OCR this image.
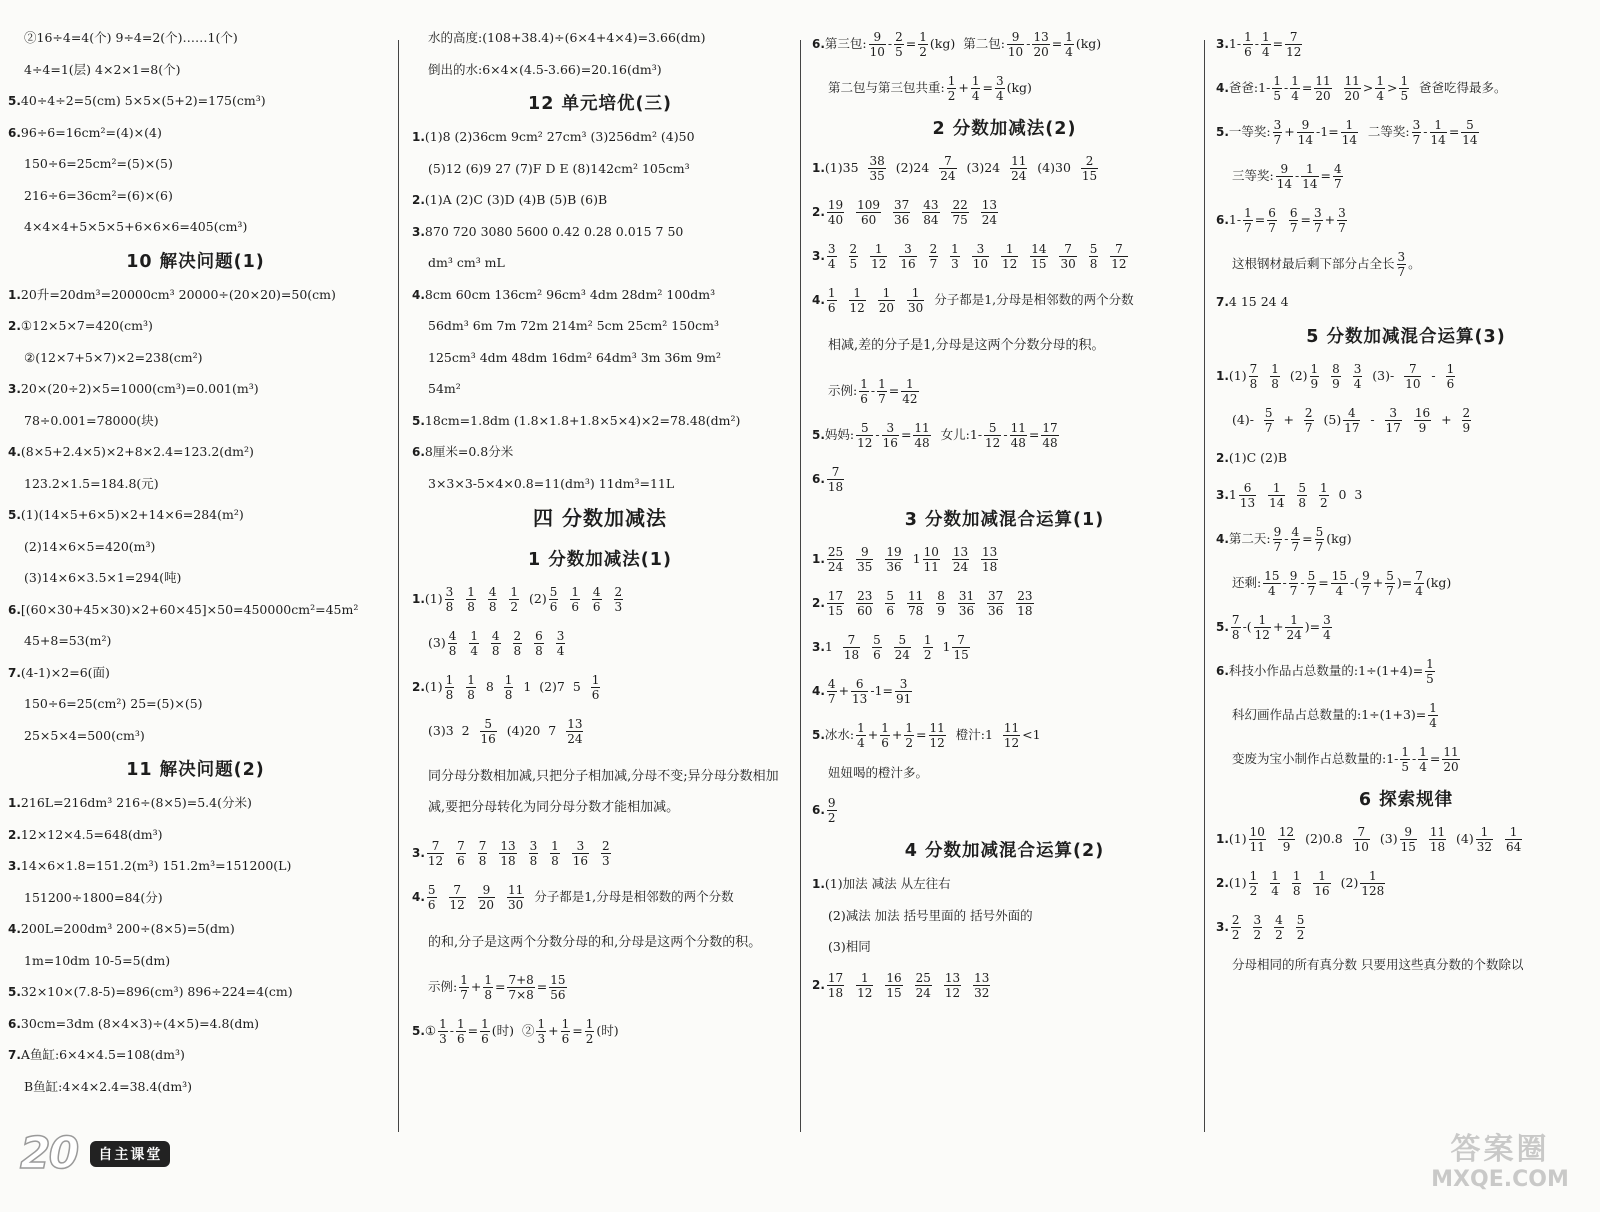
②16÷4=4(个) 9÷4=2(个)……1(个)
4÷4=1(层) 4×2×1=8(个)
5.40÷4÷2=5(cm) 5×5×(5+2)=175(cm³)
6.96÷6=16cm²=(4)×(4)
150÷6=25cm²=(5)×(5)
216÷6=36cm²=(6)×(6)
4×4×4+5×5×5+6×6×6=405(cm³)
10 解决问题(1)
1.20升=20dm³=20000cm³ 20000÷(20×20)=50(cm)
2.①12×5×7=420(cm³)
②(12×7+5×7)×2=238(cm²)
3.20×(20÷2)×5=1000(cm³)=0.001(m³)
78÷0.001=78000(块)
4.(8×5+2.4×5)×2+8×2.4=123.2(dm²)
123.2×1.5=184.8(元)
5.(1)(14×5+6×5)×2+14×6=284(m²)
(2)14×6×5=420(m³)
(3)14×6×3.5×1=294(吨)
6.[(60×30+45×30)×2+60×45]×50=450000cm²=45m²
45+8=53(m²)
7.(4-1)×2=6(面)
150÷6=25(cm²) 25=(5)×(5)
25×5×4=500(cm³)
11 解决问题(2)
1.216L=216dm³ 216÷(8×5)=5.4(分米)
2.12×12×4.5=648(dm³)
3.14×6×1.8=151.2(m³) 151.2m³=151200(L)
151200÷1800=84(分)
4.200L=200dm³ 200÷(8×5)=5(dm)
1m=10dm 10-5=5(dm)
5.32×10×(7.8-5)=896(cm³) 896÷224=4(cm)
6.30cm=3dm (8×4×3)÷(4×5)=4.8(dm)
7.A鱼缸:6×4×4.5=108(dm³)
B鱼缸:4×4×2.4=38.4(dm³)
水的高度:(108+38.4)÷(6×4+4×4)=3.66(dm)
倒出的水:6×4×(4.5-3.66)=20.16(dm³)
12 单元培优(三)
1.(1)8 (2)36cm 9cm² 27cm³ (3)256dm² (4)50
(5)12 (6)9 27 (7)F D E (8)142cm² 105cm³
2.(1)A (2)C (3)D (4)B (5)B (6)B
3.870 720 3080 5600 0.42 0.28 0.015 7 50
dm³ cm³ mL
4.8cm 60cm 136cm² 96cm³ 4dm 28dm² 100dm³
56dm³ 6m 7m 72m 214m² 5cm 25cm² 150cm³
125cm³ 4dm 48dm 16dm² 64dm³ 3m 36m 9m²
54m²
5.18cm=1.8dm (1.8×1.8+1.8×5×4)×2=78.48(dm²)
6.8厘米=0.8分米
3×3×3-5×4×0.8=11(dm³) 11dm³=11L
四 分数加减法
1 分数加减法(1)
$1.(1) \frac{3}{8}$
$\frac{1}{8}$
$\frac{4}{8}$
$\frac{1}{2} (2) \frac{5}{6}$
$\frac{1}{6}$
$\frac{4}{6}$
$\frac{2}{3}$
$(3) \frac{4}{8}$
$\frac{1}{4}$
$\frac{4}{8}$
$\frac{2}{8}$
$\frac{6}{8}$
$\frac{3}{4}$
$2.(1) \frac{1}{8}$
$\frac{1}{8} 8 \frac{1}{8} 1$  (2)7  $5 \frac{1}{6}$
(3)3  $2 \frac{5}{16} (4)20$  $7 \frac{13}{24}$
同分母分数相加减,只把分子相加减,分母不变;异分母分数相加减,要把分母转化为同分母分数才能相加减。
3. $\frac{7}{12}$
$\frac{7}{6}$
$\frac{7}{8}$
$\frac{13}{18}$
$\frac{3}{8}$
$\frac{1}{8}$
$\frac{3}{16}$
$\frac{2}{3}$
4. $\frac{5}{6}$
$\frac{7}{12}$
$\frac{9}{20}$
$\frac{11}{30}$ 分子都是1,分母是相邻数的两个分数
的和,分子是这两个分数分母的和,分母是这两个分数的积。
示例: $\frac{1}{7} + \frac{1}{8} = \frac{7+8}{7\times 8} = \frac{15}{56}$
5.① $\frac{1}{3} - \frac{1}{6} = \frac{1}{6}$ (时)  ② $\frac{1}{3} + \frac{1}{6} = \frac{1}{2}$ (时)
6.第三包: $\frac{9}{10} - \frac{2}{5} = \frac{1}{2} (kg)$  第二包: $\frac{9}{10} - \frac{13}{20} = \frac{1}{4} (kg)$
第二包与第三包共重: $\frac{1}{2} + \frac{1}{4} = \frac{3}{4} (kg)$
2 分数加减法(2)
$1.(1)35 \frac{38}{35} (2)24 \frac{7}{24} (3)24 \frac{11}{24} (4)30 \frac{2}{15}$
2. $\frac{19}{40}$
$\frac{109}{60}$
$\frac{37}{36}$
$\frac{43}{84}$
$\frac{22}{75}$
$\frac{13}{24}$
3. $\frac{3}{4}$
$\frac{2}{5}$
$\frac{1}{12}$
$\frac{3}{16}$
$\frac{2}{7}$
$\frac{1}{3}$
$\frac{3}{10}$
$\frac{1}{12}$
$\frac{14}{15}$
$\frac{7}{30}$
$\frac{5}{8}$
$\frac{7}{12}$
4. $\frac{1}{6}$
$\frac{1}{12}$
$\frac{1}{20}$
$\frac{1}{30}$ 分子都是1,分母是相邻数的两个分数
相减,差的分子是1,分母是这两个分数分母的积。
示例: $\frac{1}{6} - \frac{1}{7} = \frac{1}{42}$
5.妈妈: $\frac{5}{12} - \frac{3}{16} = \frac{11}{48}$ 女儿:1- $\frac{5}{12} - \frac{11}{48} = \frac{17}{48}$
6. $\frac{7}{18}$
3 分数加减混合运算(1)
1. $\frac{25}{24}$
$\frac{9}{35}$
$\frac{19}{36} 1 \frac{10}{11}$
$\frac{13}{24}$
$\frac{13}{18}$
2. $\frac{17}{15}$
$\frac{23}{60}$
$\frac{5}{6}$
$\frac{11}{78}$
$\frac{8}{9}$
$\frac{31}{36}$
$\frac{37}{36}$
$\frac{23}{18}$
$3.1 \frac{7}{18}$
$\frac{5}{6}$
$\frac{5}{24}$
$\frac{1}{2} 1 \frac{7}{15}$
4. $\frac{4}{7} + \frac{6}{13} -1= \frac{3}{91}$
5.冰水: $\frac{1}{4} + \frac{1}{6} + \frac{1}{2} = \frac{11}{12}$ 橙汁:1 $\frac{11}{12} <1$
妞妞喝的橙汁多。
6. $\frac{9}{2}$
4 分数加减混合运算(2)
1.(1)加法 减法 从左往右
(2)减法 加法 括号里面的 括号外面的
(3)相同
2. $\frac{17}{18}$
$\frac{1}{12}$
$\frac{16}{15}$
$\frac{25}{24}$
$\frac{13}{12}$
$\frac{13}{32}$
$3.1- \frac{1}{6} - \frac{1}{4} = \frac{7}{12}$
4.爸爸:1- $\frac{1}{5} - \frac{1}{4} = \frac{11}{20}$
$\frac{11}{20} > \frac{1}{4} > \frac{1}{5}$ 爸爸吃得最多。
5.一等奖: $\frac{3}{7} + \frac{9}{14} -1= \frac{1}{14}$ 二等奖: $\frac{3}{7} - \frac{1}{14} = \frac{5}{14}$
三等奖: $\frac{9}{14} - \frac{1}{14} = \frac{4}{7}$
$6.1- \frac{1}{7} = \frac{6}{7}$
$\frac{6}{7} = \frac{3}{7} + \frac{3}{7}$
这根钢材最后剩下部分占全长 $\frac{3}{7}$ 。
7.4 15 24 4
5 分数加减混合运算(3)
$1.(1) \frac{7}{8}$
$\frac{1}{8} (2) \frac{1}{9}$
$\frac{8}{9}$
$\frac{3}{4} (3)- \frac{7}{10} - \frac{1}{6}$
$(4)- \frac{5}{7} + \frac{2}{7} (5) \frac{4}{17} - \frac{3}{17}$
$\frac{16}{9} + \frac{2}{9}$
2.(1)C (2)B
$3.1 \frac{6}{13}$
$\frac{1}{14}$
$\frac{5}{8}$
$\frac{1}{2} 0$  3
4.第二天: $\frac{9}{7} - \frac{4}{7} = \frac{5}{7} (kg)$
还剩: $\frac{15}{4} - \frac{9}{7} - \frac{5}{7} = \frac{15}{4}$ -( $\frac{9}{7} + \frac{5}{7}$ )= $\frac{7}{4} (kg)$
5. $\frac{7}{8}$ -( $\frac{1}{12} + \frac{1}{24}$ )= $\frac{3}{4}$
6.科技小作品占总数量的:1÷(1+4)= $\frac{1}{5}$
科幻画作品占总数量的:1÷(1+3)= $\frac{1}{4}$
变废为宝小制作占总数量的:1- $\frac{1}{5} - \frac{1}{4} = \frac{11}{20}$
6 探索规律
$1.(1) \frac{10}{11}$
$\frac{12}{9} (2)0.8 \frac{7}{10} (3) \frac{9}{15}$
$\frac{11}{18} (4) \frac{1}{32}$
$\frac{1}{64}$
$2.(1) \frac{1}{2}$
$\frac{1}{4}$
$\frac{1}{8}$
$\frac{1}{16} (2) \frac{1}{128}$
3. $\frac{2}{2}$
$\frac{3}{2}$
$\frac{4}{2}$
$\frac{5}{2}$
分母相同的所有真分数 只要用这些真分数的个数除以
20 自主课堂	答案圈
MXQE.COM
